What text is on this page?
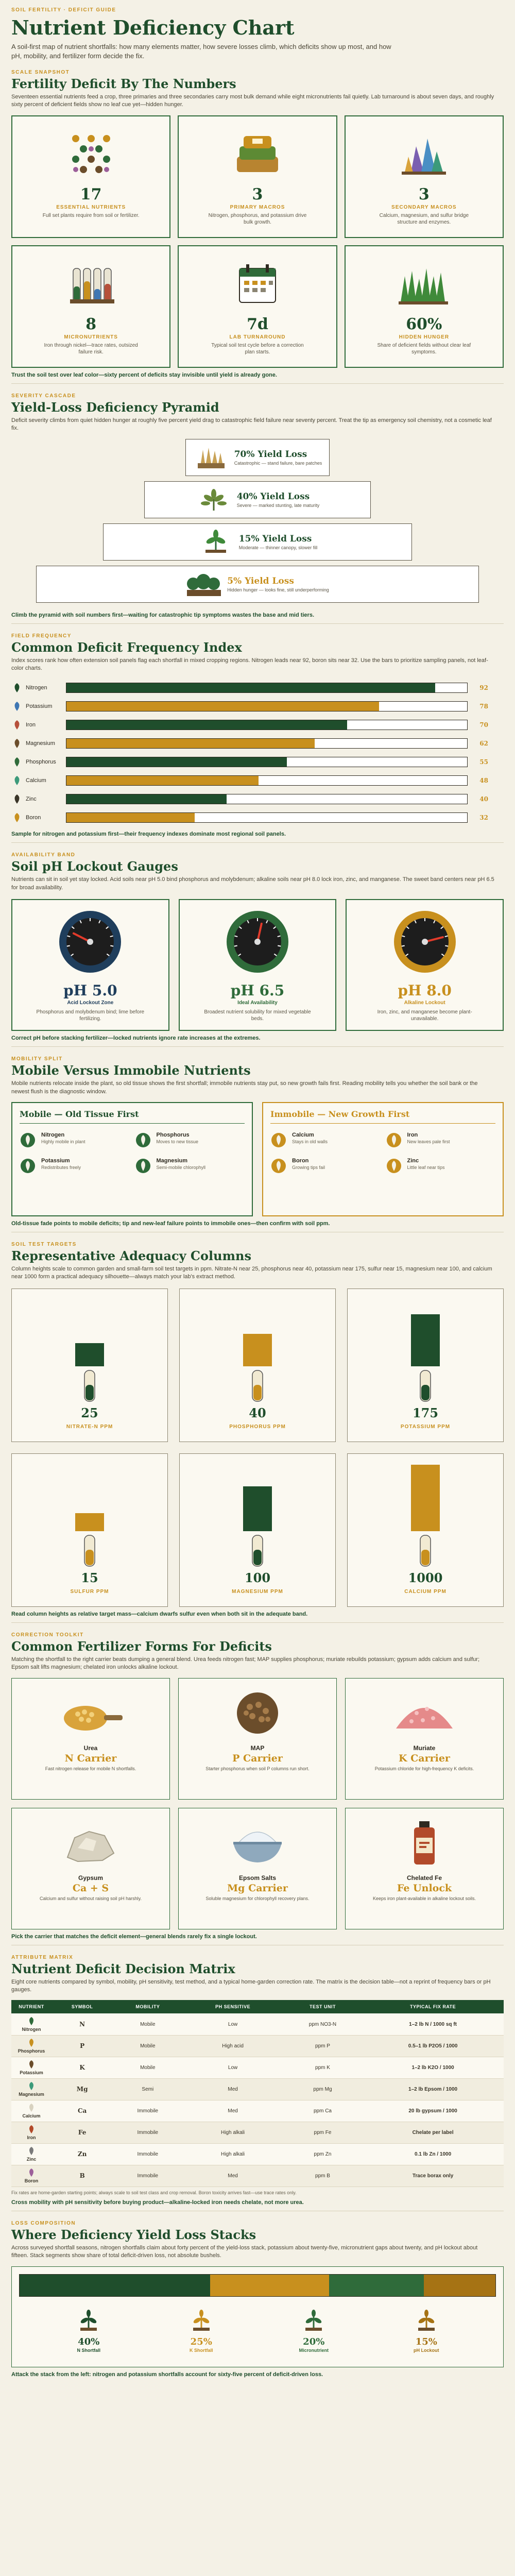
SOIL FERTILITY · DEFICIT GUIDE
Nutrient Deficiency Chart
A soil-first map of nutrient shortfalls: how many elements matter, how severe losses climb, which deficits show up most, and how pH, mobility, and fertilizer form decide the fix.
SCALE SNAPSHOT
Fertility Deficit By The Numbers
Seventeen essential nutrients feed a crop, three primaries and three secondaries carry most bulk demand while eight micronutrients fail quietly. Lab turnaround is about seven days, and roughly sixty percent of deficient fields show no leaf cue yet—hidden hunger.
17
ESSENTIAL NUTRIENTS
Full set plants require from soil or fertilizer.
3
PRIMARY MACROS
Nitrogen, phosphorus, and potassium drive bulk growth.
3
SECONDARY MACROS
Calcium, magnesium, and sulfur bridge structure and enzymes.
8
MICRONUTRIENTS
Iron through nickel—trace rates, outsized failure risk.
7d
LAB TURNAROUND
Typical soil test cycle before a correction plan starts.
60%
HIDDEN HUNGER
Share of deficient fields without clear leaf symptoms.
Trust the soil test over leaf color—sixty percent of deficits stay invisible until yield is already gone.
SEVERITY CASCADE
Yield-Loss Deficiency Pyramid
Deficit severity climbs from quiet hidden hunger at roughly five percent yield drag to catastrophic field failure near seventy percent. Treat the tip as emergency soil chemistry, not a cosmetic leaf fix.
70% Yield Loss
Catastrophic — stand failure, bare patches
40% Yield Loss
Severe — marked stunting, late maturity
15% Yield Loss
Moderate — thinner canopy, slower fill
5% Yield Loss
Hidden hunger — looks fine, still underperforming
Climb the pyramid with soil numbers first—waiting for catastrophic tip symptoms wastes the base and mid tiers.
FIELD FREQUENCY
Common Deficit Frequency Index
Index scores rank how often extension soil panels flag each shortfall in mixed cropping regions. Nitrogen leads near 92, boron sits near 32. Use the bars to prioritize sampling panels, not leaf-color charts.
Nitrogen	92
Potassium	78
Iron	70
Magnesium	62
Phosphorus	55
Calcium	48
Zinc	40
Boron	32
Sample for nitrogen and potassium first—their frequency indexes dominate most regional soil panels.
AVAILABILITY BAND
Soil pH Lockout Gauges
Nutrients can sit in soil yet stay locked. Acid soils near pH 5.0 bind phosphorus and molybdenum; alkaline soils near pH 8.0 lock iron, zinc, and manganese. The sweet band centers near pH 6.5 for broad availability.
pH 5.0
Acid Lockout Zone
Phosphorus and molybdenum bind; lime before fertilizing.
pH 6.5
Ideal Availability
Broadest nutrient solubility for mixed vegetable beds.
pH 8.0
Alkaline Lockout
Iron, zinc, and manganese become plant-unavailable.
Correct pH before stacking fertilizer—locked nutrients ignore rate increases at the extremes.
MOBILITY SPLIT
Mobile Versus Immobile Nutrients
Mobile nutrients relocate inside the plant, so old tissue shows the first shortfall; immobile nutrients stay put, so new growth fails first. Reading mobility tells you whether the soil bank or the newest flush is the diagnostic window.
Mobile — Old Tissue First
Nitrogen
Highly mobile in plant
Phosphorus
Moves to new tissue
Potassium
Redistributes freely
Magnesium
Semi-mobile chlorophyll
Immobile — New Growth First
Calcium
Stays in old walls
Iron
New leaves pale first
Boron
Growing tips fail
Zinc
Little leaf near tips
Old-tissue fade points to mobile deficits; tip and new-leaf failure points to immobile ones—then confirm with soil ppm.
SOIL TEST TARGETS
Representative Adequacy Columns
Column heights scale to common garden and small-farm soil test targets in ppm. Nitrate-N near 25, phosphorus near 40, potassium near 175, sulfur near 15, magnesium near 100, and calcium near 1000 form a practical adequacy silhouette—always match your lab's extract method.
25
NITRATE-N PPM
40
PHOSPHORUS PPM
175
POTASSIUM PPM
15
SULFUR PPM
100
MAGNESIUM PPM
1000
CALCIUM PPM
Read column heights as relative target mass—calcium dwarfs sulfur even when both sit in the adequate band.
CORRECTION TOOLKIT
Common Fertilizer Forms For Deficits
Matching the shortfall to the right carrier beats dumping a general blend. Urea feeds nitrogen fast; MAP supplies phosphorus; muriate rebuilds potassium; gypsum adds calcium and sulfur; Epsom salt lifts magnesium; chelated iron unlocks alkaline lockout.
Urea
N Carrier
Fast nitrogen release for mobile N shortfalls.
MAP
P Carrier
Starter phosphorus when soil P columns run short.
Muriate
K Carrier
Potassium chloride for high-frequency K deficits.
Gypsum
Ca + S
Calcium and sulfur without raising soil pH harshly.
Epsom Salts
Mg Carrier
Soluble magnesium for chlorophyll recovery plans.
Chelated Fe
Fe Unlock
Keeps iron plant-available in alkaline lockout soils.
Pick the carrier that matches the deficit element—general blends rarely fix a single lockout.
ATTRIBUTE MATRIX
Nutrient Deficit Decision Matrix
Eight core nutrients compared by symbol, mobility, pH sensitivity, test method, and a typical home-garden correction rate. The matrix is the decision table—not a reprint of frequency bars or pH gauges.
NUTRIENT	SYMBOL	MOBILITY	PH SENSITIVE	TEST UNIT	TYPICAL FIX RATE

Nitrogen	N	Mobile	Low	ppm NO3-N	1–2 lb N / 1000 sq ft

Phosphorus	P	Mobile	High acid	ppm P	0.5–1 lb P2O5 / 1000

Potassium	K	Mobile	Low	ppm K	1–2 lb K2O / 1000

Magnesium	Mg	Semi	Med	ppm Mg	1–2 lb Epsom / 1000

Calcium	Ca	Immobile	Med	ppm Ca	20 lb gypsum / 1000

Iron	Fe	Immobile	High alkali	ppm Fe	Chelate per label

Zinc	Zn	Immobile	High alkali	ppm Zn	0.1 lb Zn / 1000

Boron	B	Immobile	Med	ppm B	Trace borax only
Fix rates are home-garden starting points; always scale to soil test class and crop removal. Boron toxicity arrives fast—use trace rates only.
Cross mobility with pH sensitivity before buying product—alkaline-locked iron needs chelate, not more urea.
LOSS COMPOSITION
Where Deficiency Yield Loss Stacks
Across surveyed shortfall seasons, nitrogen shortfalls claim about forty percent of the yield-loss stack, potassium about twenty-five, micronutrient gaps about twenty, and pH lockout about fifteen. Stack segments show share of total deficit-driven loss, not absolute bushels.
40%
N Shortfall
25%
K Shortfall
20%
Micronutrient
15%
pH Lockout
Attack the stack from the left: nitrogen and potassium shortfalls account for sixty-five percent of deficit-driven loss.
